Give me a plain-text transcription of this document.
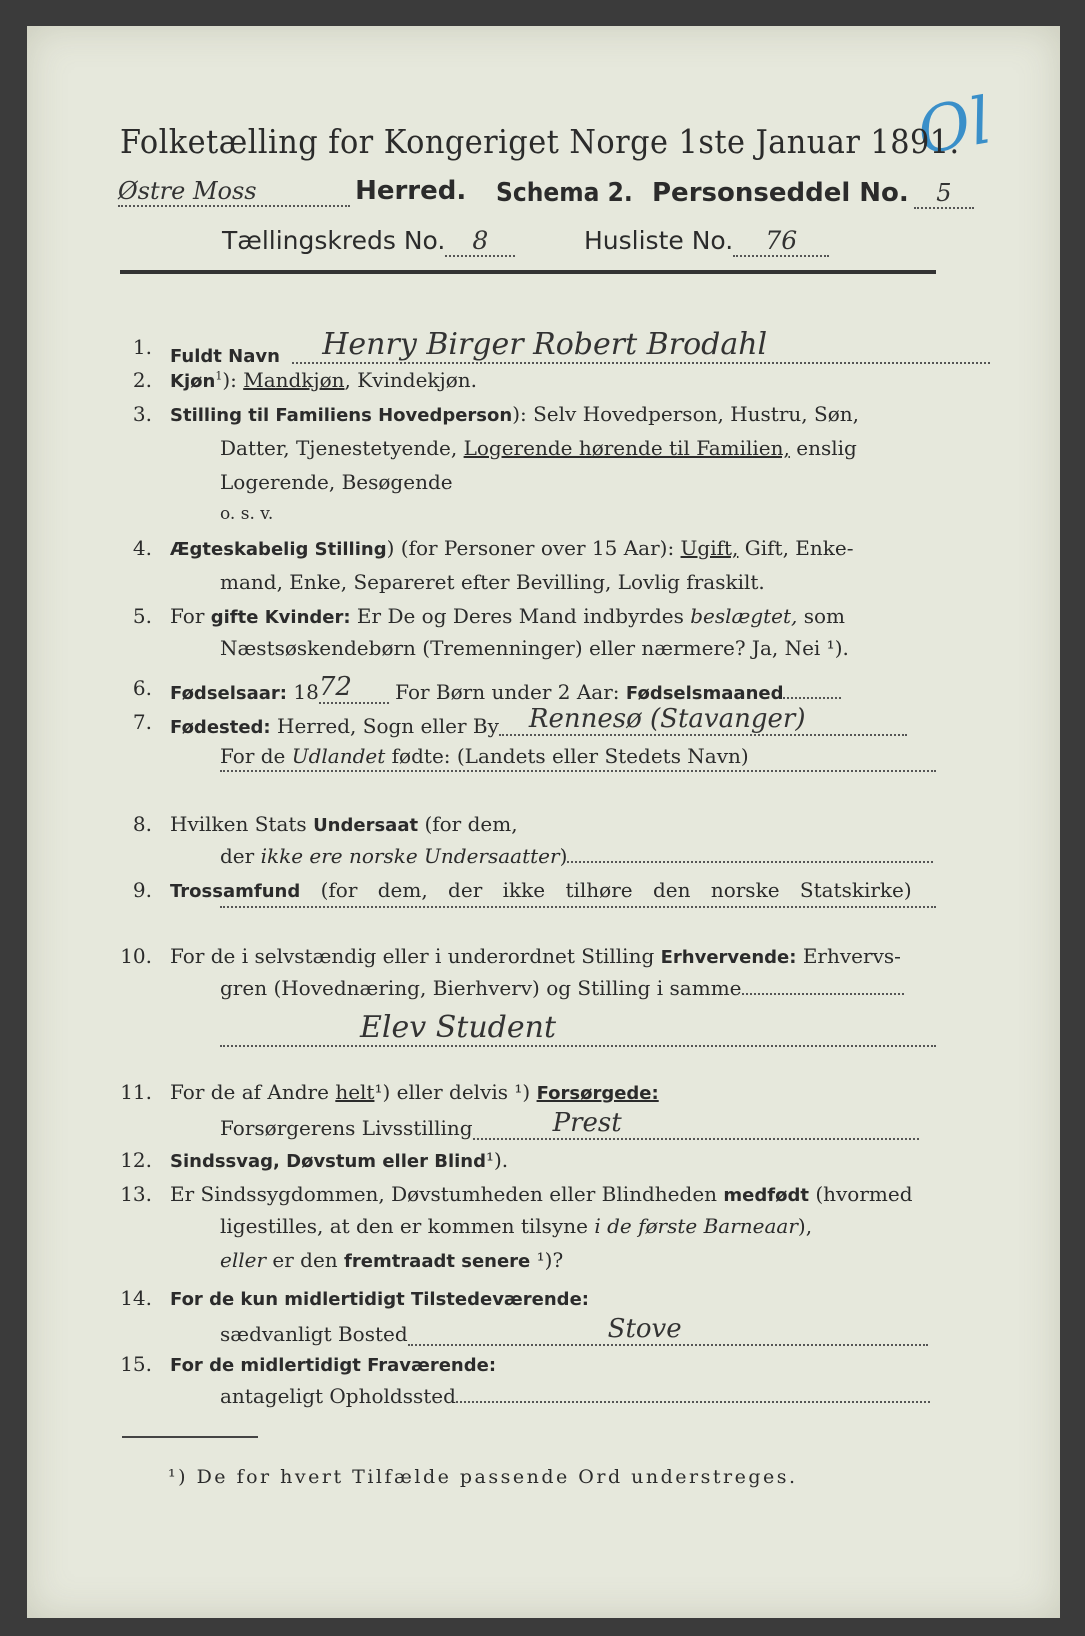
Ol
Folketælling for Kongeriget Norge 1ste Januar 1891.
Østre Moss	Herred. Schema 2. Personseddel No. 5
Tællingskreds No. 8	Husliste No. 76
1. Fuldt Navn Henry Birger Robert Brodahl
2. Kjøn$^1$): Mandkjøn, Kvindekjøn.
3. Stilling til Familiens Hovedperson): Selv Hovedperson, Hustru, Søn,
Datter, Tjenestetyende, Logerende hørende til Familien, enslig
Logerende, Besøgende
o. s. v.
4. Ægteskabelig Stilling) (for Personer over 15 Aar): Ugift, Gift, Enke-
mand, Enke, Separeret efter Bevilling, Lovlig fraskilt.
5. For gifte Kvinder: Er De og Deres Mand indbyrdes beslægtet, som
Næstsøskendebørn (Tremenninger) eller nærmere? Ja, Nei ¹).
6. Fødselsaar: 1872 For Børn under 2 Aar: Fødselsmaaned
7. Fødested: Herred, Sogn eller By Rennesø (Stavanger)
For de Udlandet fødte: (Landets eller Stedets Navn)
8. Hvilken Stats Undersaat (for dem,
der ikke ere norske Undersaatter)
9. Trossamfund (for dem, der ikke tilhøre den norske Statskirke)
10. For de i selvstændig eller i underordnet Stilling Erhvervende: Erhvervs-
gren (Hovednæring, Bierhverv) og Stilling i samme
Elev Student
11. For de af Andre helt¹) eller delvis ¹) Forsørgede:
Forsørgerens Livsstilling	Prest
12. Sindssvag, Døvstum eller Blind¹).
13. Er Sindssygdommen, Døvstumheden eller Blindheden medfødt (hvormed
ligestilles, at den er kommen tilsyne i de første Barneaar),
eller er den fremtraadt senere ¹)?
14. For de kun midlertidigt Tilstedeværende:
sædvanligt Bosted	Stove
15. For de midlertidigt Fraværende:
antageligt Opholdssted
¹) De for hvert Tilfælde passende Ord understreges.
